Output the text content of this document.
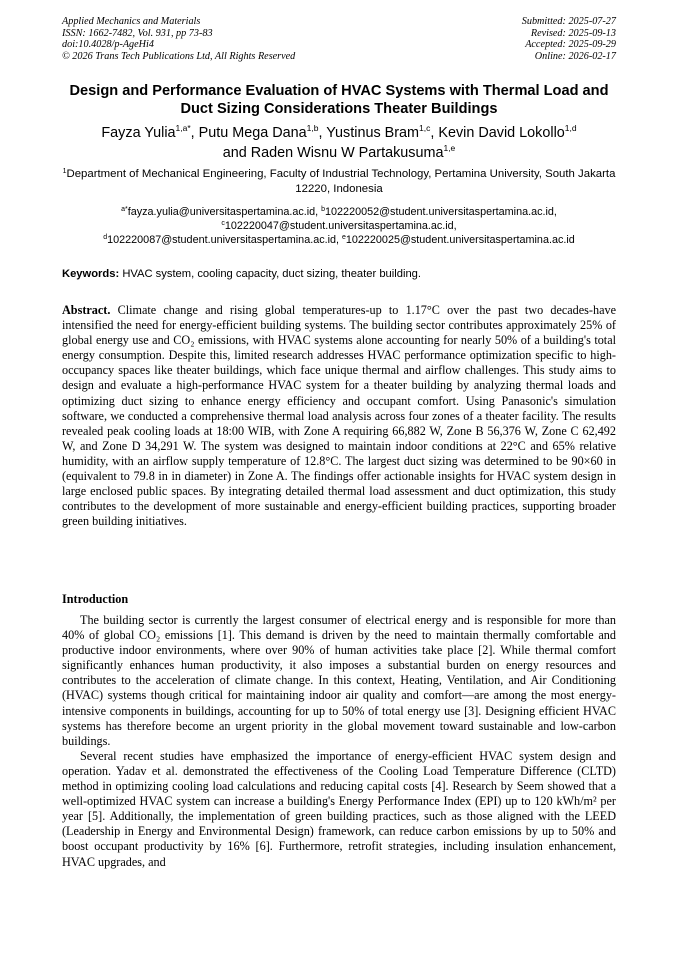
Applied Mechanics and Materials
ISSN: 1662-7482, Vol. 931, pp 73-83
doi:10.4028/p-AgeHi4
© 2026 Trans Tech Publications Ltd, All Rights Reserved
Submitted: 2025-07-27
Revised: 2025-09-13
Accepted: 2025-09-29
Online: 2026-02-17
Design and Performance Evaluation of HVAC Systems with Thermal Load and Duct Sizing Considerations Theater Buildings
Fayza Yulia$^{1,a*}$, Putu Mega Dana$^{1,b}$, Yustinus Bram$^{1,c}$, Kevin David Lokollo$^{1,d}$
and Raden Wisnu W Partakusuma$^{1,e}$
$^1$Department of Mechanical Engineering, Faculty of Industrial Technology, Pertamina University, South Jakarta 12220, Indonesia
$^{a*}$fayza.yulia@universitaspertamina.ac.id, $^b$102220052@student.universitaspertamina.ac.id,
$^c$102220047@student.universitaspertamina.ac.id,
$^d$102220087@student.universitaspertamina.ac.id, $^e$102220025@student.universitaspertamina.ac.id
Keywords: HVAC system, cooling capacity, duct sizing, theater building.
Abstract. Climate change and rising global temperatures-up to 1.17°C over the past two decades-have intensified the need for energy-efficient building systems. The building sector contributes approximately 25% of global energy use and CO₂ emissions, with HVAC systems alone accounting for nearly 50% of a building's total energy consumption. Despite this, limited research addresses HVAC performance optimization specific to high-occupancy spaces like theater buildings, which face unique thermal and airflow challenges. This study aims to design and evaluate a high-performance HVAC system for a theater building by analyzing thermal loads and optimizing duct sizing to enhance energy efficiency and occupant comfort. Using Panasonic's simulation software, we conducted a comprehensive thermal load analysis across four zones of a theater facility. The results revealed peak cooling loads at 18:00 WIB, with Zone A requiring 66,882 W, Zone B 56,376 W, Zone C 62,492 W, and Zone D 34,291 W. The system was designed to maintain indoor conditions at 22°C and 65% relative humidity, with an airflow supply temperature of 12.8°C. The largest duct sizing was determined to be 90×60 in (equivalent to 79.8 in in diameter) in Zone A. The findings offer actionable insights for HVAC system design in large enclosed public spaces. By integrating detailed thermal load assessment and duct optimization, this study contributes to the development of more sustainable and energy-efficient building practices, supporting broader green building initiatives.
Introduction

The building sector is currently the largest consumer of electrical energy and is responsible for more than 40% of global CO₂ emissions [1]. This demand is driven by the need to maintain thermally comfortable and productive indoor environments, where over 90% of human activities take place [2]. While thermal comfort significantly enhances human productivity, it also imposes a substantial burden on energy resources and contributes to the acceleration of climate change. In this context, Heating, Ventilation, and Air Conditioning (HVAC) systems though critical for maintaining indoor air quality and comfort—are among the most energy-intensive components in buildings, accounting for up to 50% of total energy use [3]. Designing efficient HVAC systems has therefore become an urgent priority in the global movement toward sustainable and low-carbon buildings.

Several recent studies have emphasized the importance of energy-efficient HVAC system design and operation. Yadav et al. demonstrated the effectiveness of the Cooling Load Temperature Difference (CLTD) method in optimizing cooling load calculations and reducing capital costs [4]. Research by Seem showed that a well-optimized HVAC system can increase a building's Energy Performance Index (EPI) up to 120 kWh/m² per year [5]. Additionally, the implementation of green building practices, such as those aligned with the LEED (Leadership in Energy and Environmental Design) framework, can reduce carbon emissions by up to 50% and boost occupant productivity by 16% [6]. Furthermore, retrofit strategies, including insulation enhancement, HVAC upgrades, and
